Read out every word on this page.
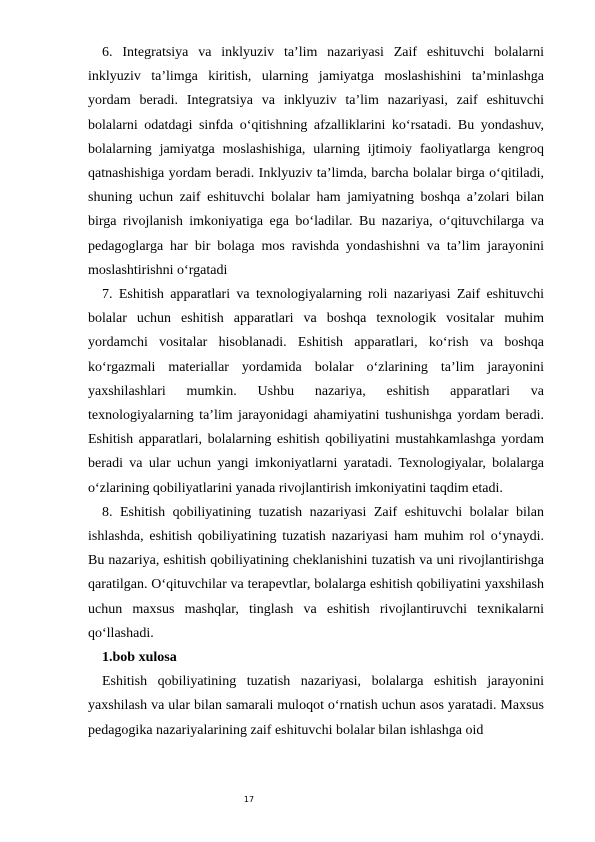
6. Integratsiya va inklyuziv ta’lim nazariyasi Zaif eshituvchi bolalarni inklyuziv ta’limga kiritish, ularning jamiyatga moslashishini ta’minlashga yordam beradi. Integratsiya va inklyuziv ta’lim nazariyasi, zaif eshituvchi bolalarni odatdagi sinfda o‘qitishning afzalliklarini ko‘rsatadi. Bu yondashuv, bolalarning jamiyatga moslashishiga, ularning ijtimoiy faoliyatlarga kengroq qatnashishiga yordam beradi. Inklyuziv ta’limda, barcha bolalar birga o‘qitiladi, shuning uchun zaif eshituvchi bolalar ham jamiyatning boshqa a’zolari bilan birga rivojlanish imkoniyatiga ega bo‘ladilar. Bu nazariya, o‘qituvchilarga va pedagoglarga har bir bolaga mos ravishda yondashishni va ta’lim jarayonini moslashtirishni o‘rgatadi

7. Eshitish apparatlari va texnologiyalarning roli nazariyasi Zaif eshituvchi bolalar uchun eshitish apparatlari va boshqa texnologik vositalar muhim yordamchi vositalar hisoblanadi. Eshitish apparatlari, ko‘rish va boshqa ko‘rgazmali materiallar yordamida bolalar o‘zlarining ta’lim jarayonini yaxshilashlari mumkin. Ushbu nazariya, eshitish apparatlari va texnologiyalarning ta’lim jarayonidagi ahamiyatini tushunishga yordam beradi. Eshitish apparatlari, bolalarning eshitish qobiliyatini mustahkamlashga yordam beradi va ular uchun yangi imkoniyatlarni yaratadi. Texnologiyalar, bolalarga o‘zlarining qobiliyatlarini yanada rivojlantirish imkoniyatini taqdim etadi.

8. Eshitish qobiliyatining tuzatish nazariyasi Zaif eshituvchi bolalar bilan ishlashda, eshitish qobiliyatining tuzatish nazariyasi ham muhim rol o‘ynaydi. Bu nazariya, eshitish qobiliyatining cheklanishini tuzatish va uni rivojlantirishga qaratilgan. O‘qituvchilar va terapevtlar, bolalarga eshitish qobiliyatini yaxshilash uchun maxsus mashqlar, tinglash va eshitish rivojlantiruvchi texnikalarni qo‘llashadi.

1.bob xulosa

Eshitish qobiliyatining tuzatish nazariyasi, bolalarga eshitish jarayonini yaxshilash va ular bilan samarali muloqot o‘rnatish uchun asos yaratadi. Maxsus pedagogika nazariyalarining zaif eshituvchi bolalar bilan ishlashga oid

17
